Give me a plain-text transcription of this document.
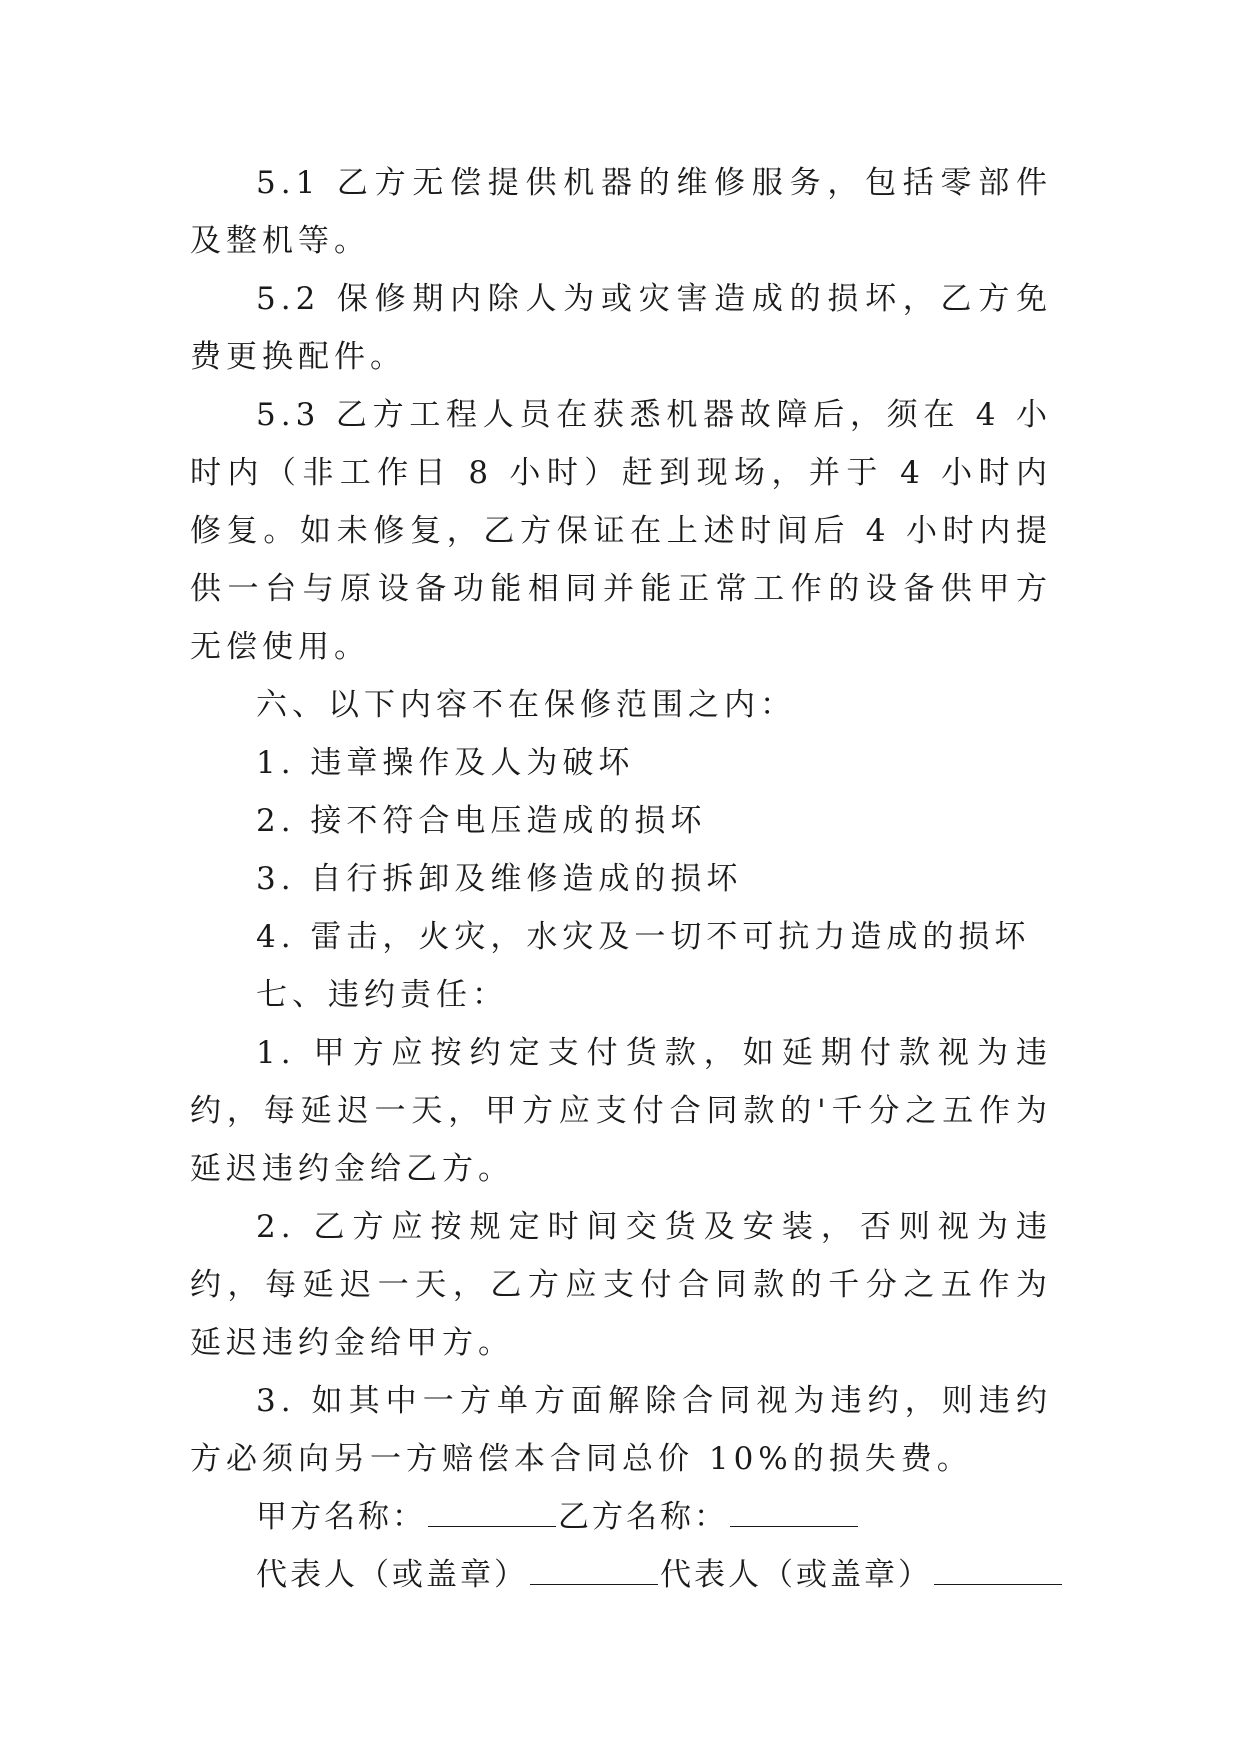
5.1 乙方无偿提供机器的维修服务，包括零部件及整机等。

5.2 保修期内除人为或灾害造成的损坏，乙方免费更换配件。

5.3 乙方工程人员在获悉机器故障后，须在 4 小时内（非工作日 8 小时）赶到现场，并于 4 小时内修复。如未修复，乙方保证在上述时间后 4 小时内提供一台与原设备功能相同并能正常工作的设备供甲方无偿使用。

六、以下内容不在保修范围之内：

1. 违章操作及人为破坏

2. 接不符合电压造成的损坏

3. 自行拆卸及维修造成的损坏

4. 雷击，火灾，水灾及一切不可抗力造成的损坏

七、违约责任：

1. 甲方应按约定支付货款，如延期付款视为违约，每延迟一天，甲方应支付合同款的'千分之五作为延迟违约金给乙方。

2. 乙方应按规定时间交货及安装，否则视为违约，每延迟一天，乙方应支付合同款的千分之五作为延迟违约金给甲方。

3. 如其中一方单方面解除合同视为违约，则违约方必须向另一方赔偿本合同总价 10%的损失费。

甲方名称：	乙方名称：

代表人（或盖章）	代表人（或盖章）
